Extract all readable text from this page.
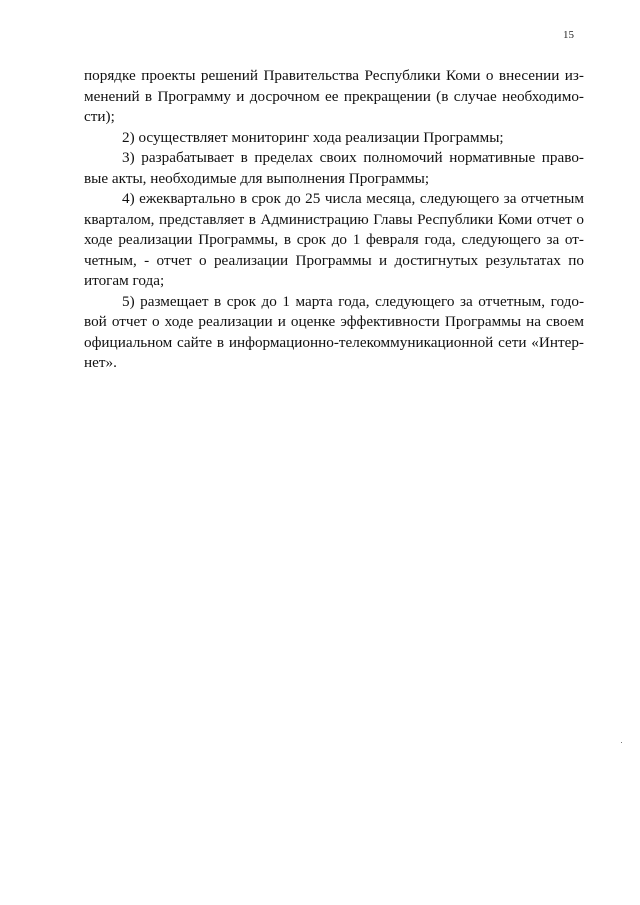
15
порядке проекты решений Правительства Республики Коми о внесении из-
менений в Программу и досрочном ее прекращении (в случае необходимо-
сти);
2) осуществляет мониторинг хода реализации Программы;
3) разрабатывает в пределах своих полномочий нормативные право-
вые акты, необходимые для выполнения Программы;
4) ежеквартально в срок до 25 числа месяца, следующего за отчетным
кварталом, представляет в Администрацию Главы Республики Коми отчет о
ходе реализации Программы, в срок до 1 февраля года, следующего за от-
четным, - отчет о реализации Программы и достигнутых результатах по
итогам года;
5) размещает в срок до 1 марта года, следующего за отчетным, годо-
вой отчет о ходе реализации и оценке эффективности Программы на своем
официальном сайте в информационно-телекоммуникационной сети «Интер-
нет».
